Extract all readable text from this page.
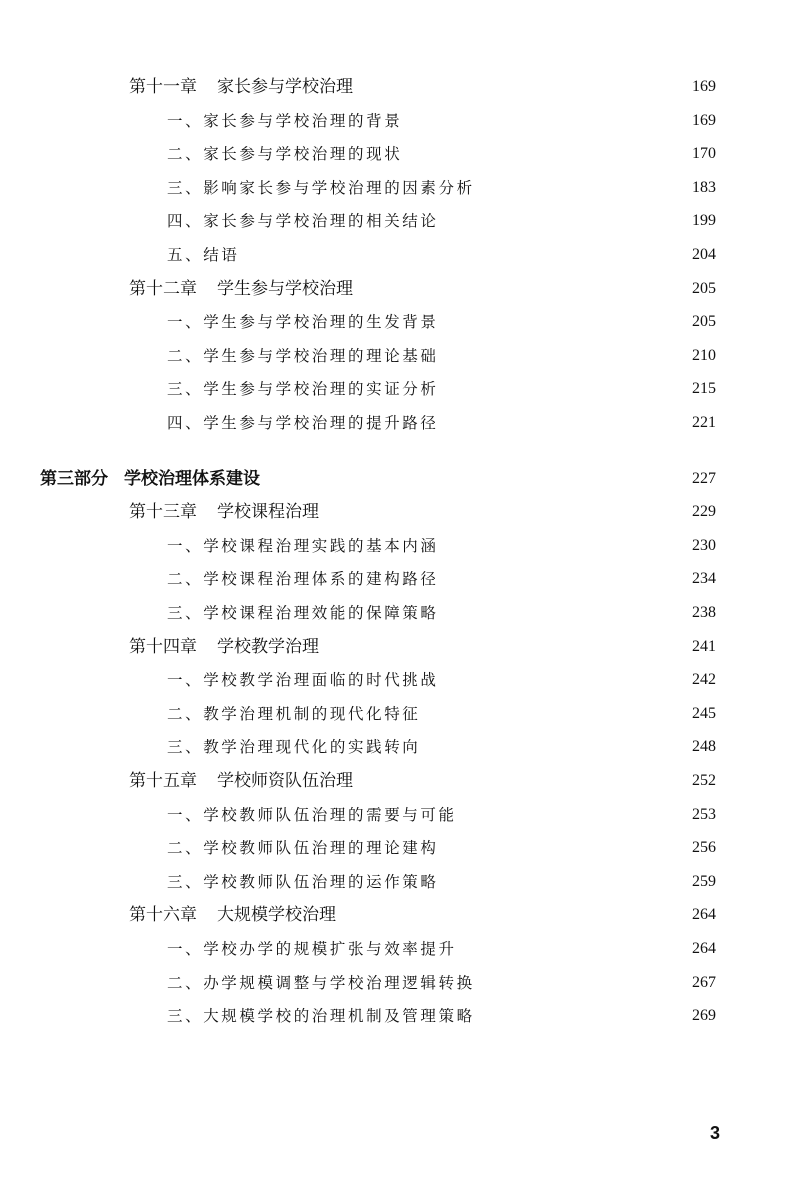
第十一章 家长参与学校治理	169
一、家长参与学校治理的背景	169
二、家长参与学校治理的现状	170
三、影响家长参与学校治理的因素分析	183
四、家长参与学校治理的相关结论	199
五、结语	204
第十二章 学生参与学校治理	205
一、学生参与学校治理的生发背景	205
二、学生参与学校治理的理论基础	210
三、学生参与学校治理的实证分析	215
四、学生参与学校治理的提升路径	221
第三部分 学校治理体系建设	227
第十三章 学校课程治理	229
一、学校课程治理实践的基本内涵	230
二、学校课程治理体系的建构路径	234
三、学校课程治理效能的保障策略	238
第十四章 学校教学治理	241
一、学校教学治理面临的时代挑战	242
二、教学治理机制的现代化特征	245
三、教学治理现代化的实践转向	248
第十五章 学校师资队伍治理	252
一、学校教师队伍治理的需要与可能	253
二、学校教师队伍治理的理论建构	256
三、学校教师队伍治理的运作策略	259
第十六章 大规模学校治理	264
一、学校办学的规模扩张与效率提升	264
二、办学规模调整与学校治理逻辑转换	267
三、大规模学校的治理机制及管理策略	269
3
